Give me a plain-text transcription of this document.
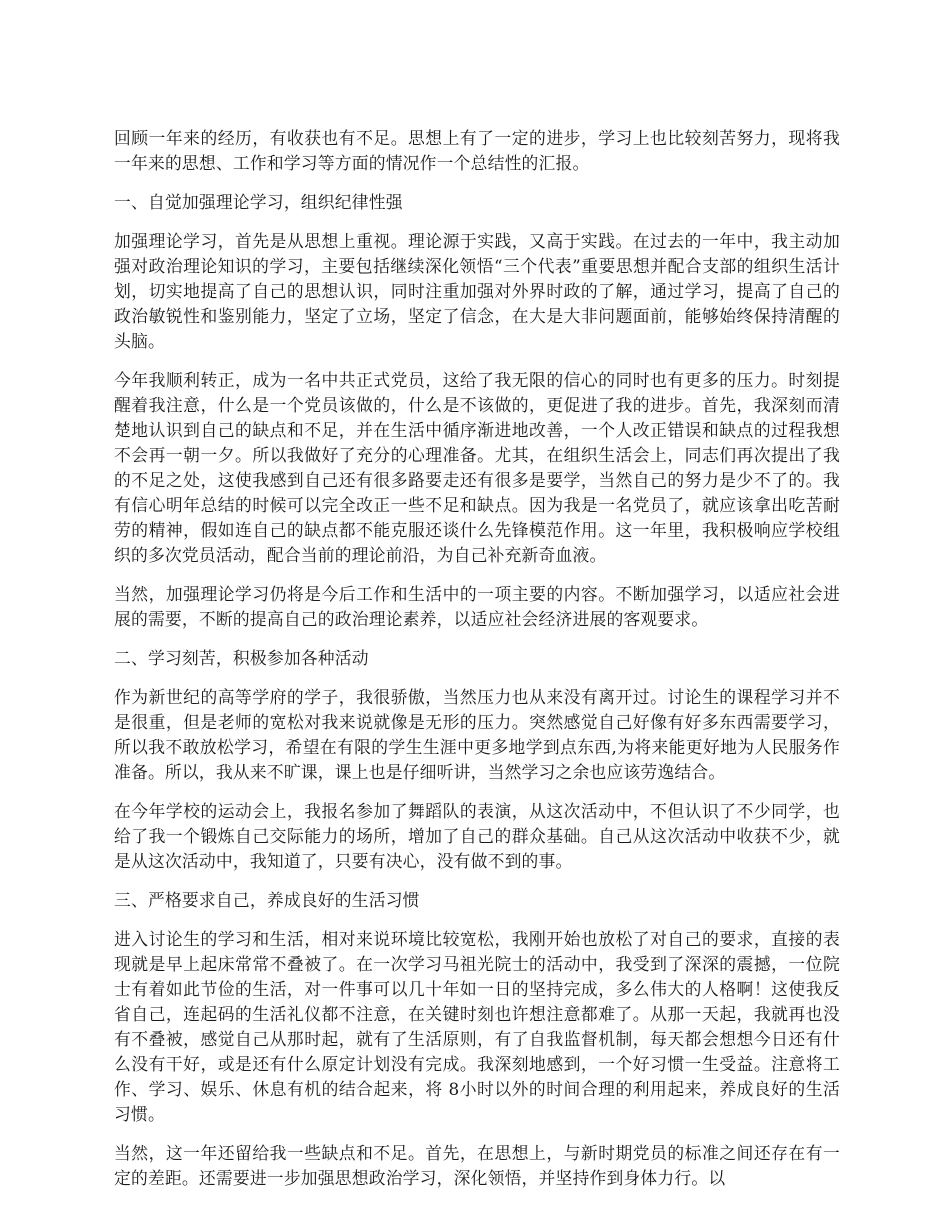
回顾一年来的经历，有收获也有不足。思想上有了一定的进步，学习上也比较刻苦努力，现将我一年来的思想、工作和学习等方面的情况作一个总结性的汇报。

一、自觉加强理论学习，组织纪律性强

加强理论学习，首先是从思想上重视。理论源于实践，又高于实践。在过去的一年中，我主动加强对政治理论知识的学习，主要包括继续深化领悟“三个代表”重要思想并配合支部的组织生活计划，切实地提高了自己的思想认识，同时注重加强对外界时政的了解，通过学习，提高了自己的政治敏锐性和鉴别能力，坚定了立场，坚定了信念，在大是大非问题面前，能够始终保持清醒的头脑。

今年我顺利转正，成为一名中共正式党员，这给了我无限的信心的同时也有更多的压力。时刻提醒着我注意，什么是一个党员该做的，什么是不该做的，更促进了我的进步。首先，我深刻而清楚地认识到自己的缺点和不足，并在生活中循序渐进地改善，一个人改正错误和缺点的过程我想不会再一朝一夕。所以我做好了充分的心理准备。尤其，在组织生活会上，同志们再次提出了我的不足之处，这使我感到自己还有很多路要走还有很多是要学，当然自己的努力是少不了的。我有信心明年总结的时候可以完全改正一些不足和缺点。因为我是一名党员了，就应该拿出吃苦耐劳的精神，假如连自己的缺点都不能克服还谈什么先锋模范作用。这一年里，我积极响应学校组织的多次党员活动，配合当前的理论前沿，为自己补充新奇血液。

当然，加强理论学习仍将是今后工作和生活中的一项主要的内容。不断加强学习，以适应社会进展的需要，不断的提高自己的政治理论素养，以适应社会经济进展的客观要求。

二、学习刻苦，积极参加各种活动

作为新世纪的高等学府的学子，我很骄傲，当然压力也从来没有离开过。讨论生的课程学习并不是很重，但是老师的宽松对我来说就像是无形的压力。突然感觉自己好像有好多东西需要学习，所以我不敢放松学习，希望在有限的学生生涯中更多地学到点东西,为将来能更好地为人民服务作准备。所以，我从来不旷课，课上也是仔细听讲，当然学习之余也应该劳逸结合。

在今年学校的运动会上，我报名参加了舞蹈队的表演，从这次活动中，不但认识了不少同学，也给了我一个锻炼自己交际能力的场所，增加了自己的群众基础。自己从这次活动中收获不少，就是从这次活动中，我知道了，只要有决心，没有做不到的事。

三、严格要求自己，养成良好的生活习惯

进入讨论生的学习和生活，相对来说环境比较宽松，我刚开始也放松了对自己的要求，直接的表现就是早上起床常常不叠被了。在一次学习马祖光院士的活动中，我受到了深深的震撼，一位院士有着如此节俭的生活，对一件事可以几十年如一日的坚持完成，多么伟大的人格啊！这使我反省自己，连起码的生活礼仪都不注意，在关键时刻也许想注意都难了。从那一天起，我就再也没有不叠被，感觉自己从那时起，就有了生活原则，有了自我监督机制，每天都会想想今日还有什么没有干好，或是还有什么原定计划没有完成。我深刻地感到，一个好习惯一生受益。注意将工作、学习、娱乐、休息有机的结合起来，将 8小时以外的时间合理的利用起来，养成良好的生活习惯。

当然，这一年还留给我一些缺点和不足。首先，在思想上，与新时期党员的标准之间还存在有一定的差距。还需要进一步加强思想政治学习，深化领悟，并坚持作到身体力行。以
